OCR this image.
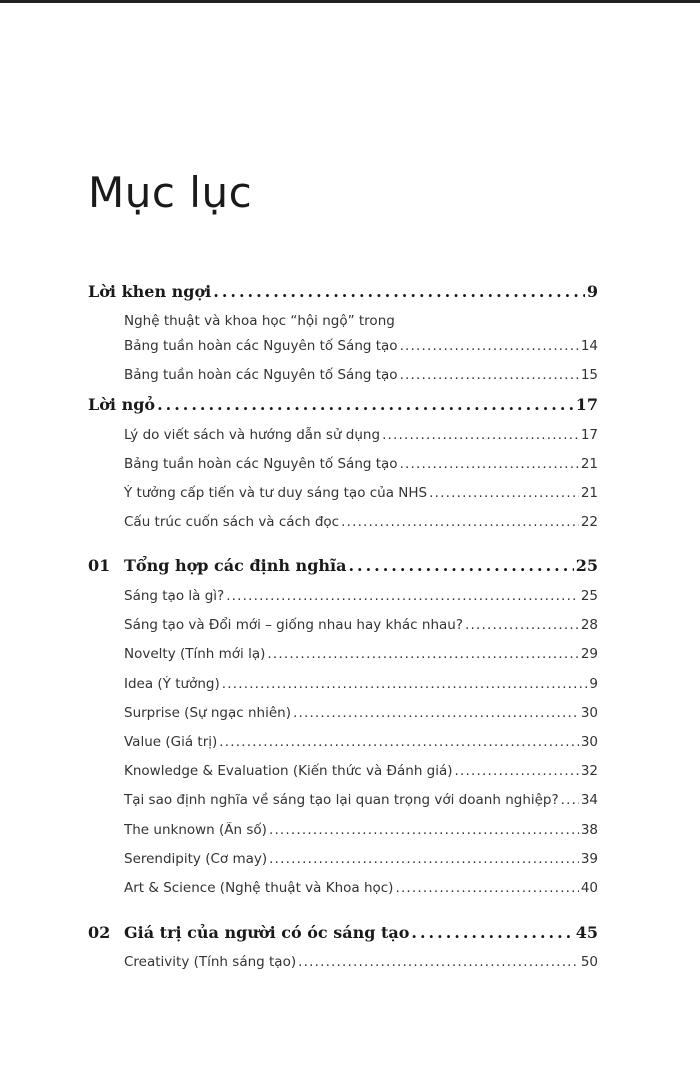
Mục lục
Lời khen ngợi .....	9
Nghệ thuật và khoa học “hội ngộ” trong
Bảng tuần hoàn các Nguyên tố Sáng tạo .....	14
Bảng tuần hoàn các Nguyên tố Sáng tạo .....	15
Lời ngỏ .....	17
Lý do viết sách và hướng dẫn sử dụng .....	17
Bảng tuần hoàn các Nguyên tố Sáng tạo .....	21
Ý tưởng cấp tiến và tư duy sáng tạo của NHS .....	21
Cấu trúc cuốn sách và cách đọc .....	22
01 Tổng hợp các định nghĩa .....	25
Sáng tạo là gì? .....	25
Sáng tạo và Đổi mới – giống nhau hay khác nhau? .....	28
Novelty (Tính mới lạ) .....	29
Idea (Ý tưởng) .....	9
Surprise (Sự ngạc nhiên) .....	30
Value (Giá trị) .....	30
Knowledge & Evaluation (Kiến thức và Đánh giá) .....	32
Tại sao định nghĩa về sáng tạo lại quan trọng với doanh nghiệp? ..... 34
The unknown (Ẩn số) .....	38
Serendipity (Cơ may) .....	39
Art & Science (Nghệ thuật và Khoa học) .....	40
02 Giá trị của người có óc sáng tạo .....	45
Creativity (Tính sáng tạo) .....	50
